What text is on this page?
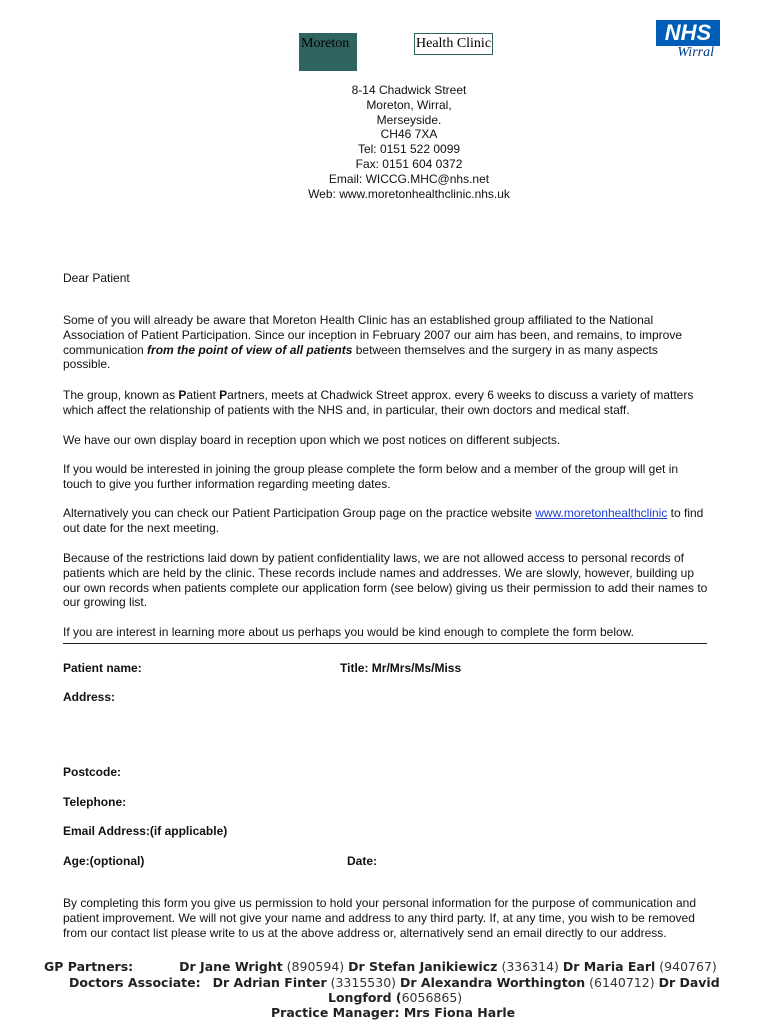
Moreton	Health Clinic	NHS
Wirral
8-14 Chadwick Street
Moreton, Wirral,
Merseyside.
CH46 7XA
Tel: 0151 522 0099
Fax: 0151 604 0372
Email: WICCG.MHC@nhs.net
Web: www.moretonhealthclinic.nhs.uk
Dear Patient

Some of you will already be aware that Moreton Health Clinic has an established group affiliated to the National Association of Patient Participation. Since our inception in February 2007 our aim has been, and remains, to improve communication from the point of view of all patients between themselves and the surgery in as many aspects possible.

The group, known as Patient Partners, meets at Chadwick Street approx. every 6 weeks to discuss a variety of matters which affect the relationship of patients with the NHS and, in particular, their own doctors and medical staff.

We have our own display board in reception upon which we post notices on different subjects.

If you would be interested in joining the group please complete the form below and a member of the group will get in touch to give you further information regarding meeting dates.

Alternatively you can check our Patient Participation Group page on the practice website www.moretonhealthclinic to find out date for the next meeting.

Because of the restrictions laid down by patient confidentiality laws, we are not allowed access to personal records of patients which are held by the clinic. These records include names and addresses. We are slowly, however, building up our own records when patients complete our application form (see below) giving us their permission to add their names to our growing list.

If you are interest in learning more about us perhaps you would be kind enough to complete the form below.

Patient name:	Title: Mr/Mrs/Ms/Miss
Address:
Postcode:
Telephone:
Email Address:(if applicable)
Age:(optional)	Date:

By completing this form you give us permission to hold your personal information for the purpose of communication and patient improvement. We will not give your name and address to any third party. If, at any time, you wish to be removed from our contact list please write to us at the above address or, alternatively send an email directly to our address.

GP Partners:	Dr Jane Wright (890594) Dr Stefan Janikiewicz (336314) Dr Maria Earl (940767)
Doctors Associate: Dr Adrian Finter (3315530) Dr Alexandra Worthington (6140712) Dr David
Longford (6056865)
Practice Manager: Mrs Fiona Harle
